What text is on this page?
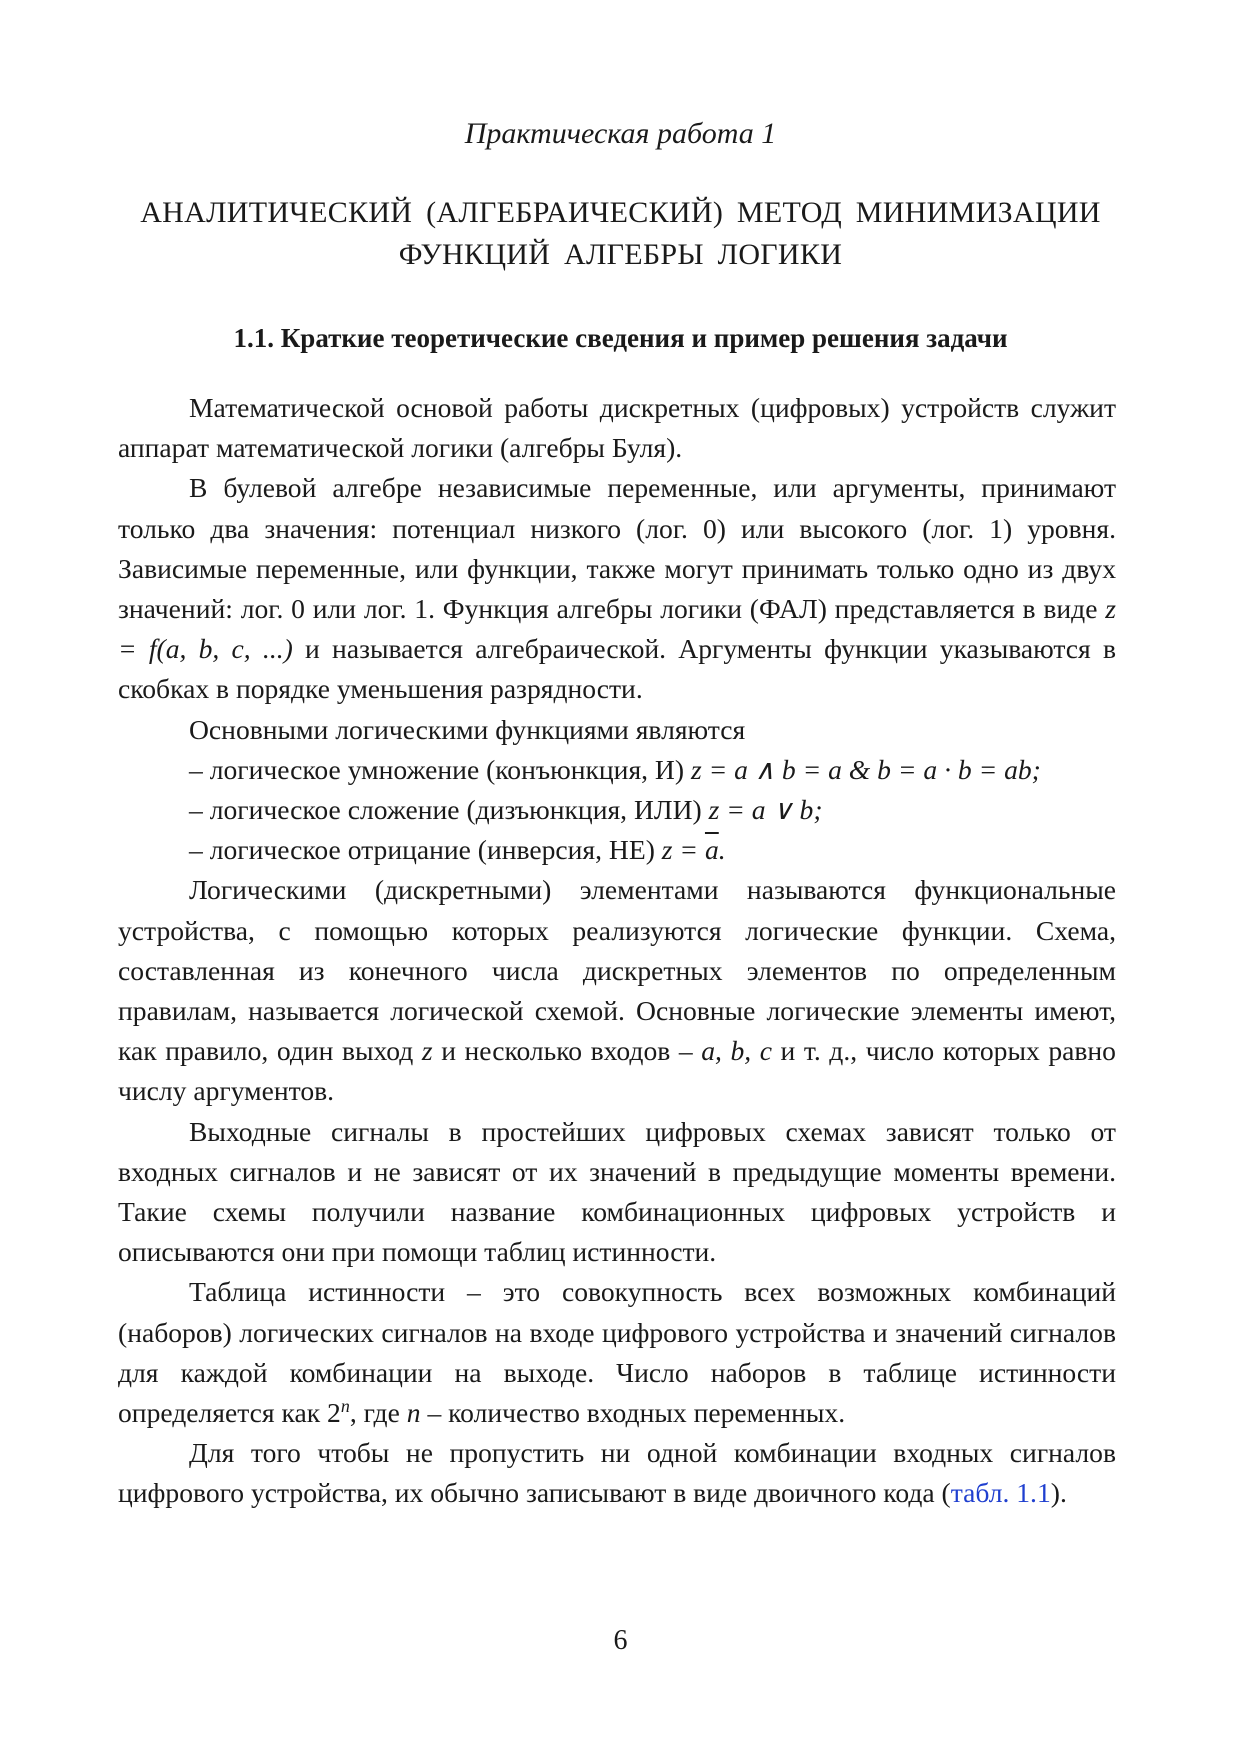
Практическая работа 1
АНАЛИТИЧЕСКИЙ (АЛГЕБРАИЧЕСКИЙ) МЕТОД МИНИМИЗАЦИИ
ФУНКЦИЙ АЛГЕБРЫ ЛОГИКИ
1.1. Краткие теоретические сведения и пример решения задачи

Математической основой работы дискретных (цифровых) устройств служит аппарат математической логики (алгебры Буля).

В булевой алгебре независимые переменные, или аргументы, принимают только два значения: потенциал низкого (лог. 0) или высокого (лог. 1) уровня. Зависимые переменные, или функции, также могут принимать только одно из двух значений: лог. 0 или лог. 1. Функция алгебры логики (ФАЛ) представляется в виде z = f(a, b, c, ...) и называется алгебраической. Аргументы функции указываются в скобках в порядке уменьшения разрядности.

Основными логическими функциями являются

– логическое умножение (конъюнкция, И) z = a ∧ b = a & b = a · b = ab;

– логическое сложение (дизъюнкция, ИЛИ) z = a ∨ b;

– логическое отрицание (инверсия, НЕ) $z = \overline{a}$.

Логическими (дискретными) элементами называются функциональные устройства, с помощью которых реализуются логические функции. Схема, составленная из конечного числа дискретных элементов по определенным правилам, называется логической схемой. Основные логические элементы имеют, как правило, один выход z и несколько входов – a, b, c и т. д., число которых равно числу аргументов.

Выходные сигналы в простейших цифровых схемах зависят только от входных сигналов и не зависят от их значений в предыдущие моменты времени. Такие схемы получили название комбинационных цифровых устройств и описываются они при помощи таблиц истинности.

Таблица истинности – это совокупность всех возможных комбинаций (наборов) логических сигналов на входе цифрового устройства и значений сигналов для каждой комбинации на выходе. Число наборов в таблице истинности определяется как 2$^n$, где n – количество входных переменных.

Для того чтобы не пропустить ни одной комбинации входных сигналов цифрового устройства, их обычно записывают в виде двоичного кода (табл. 1.1).

6
